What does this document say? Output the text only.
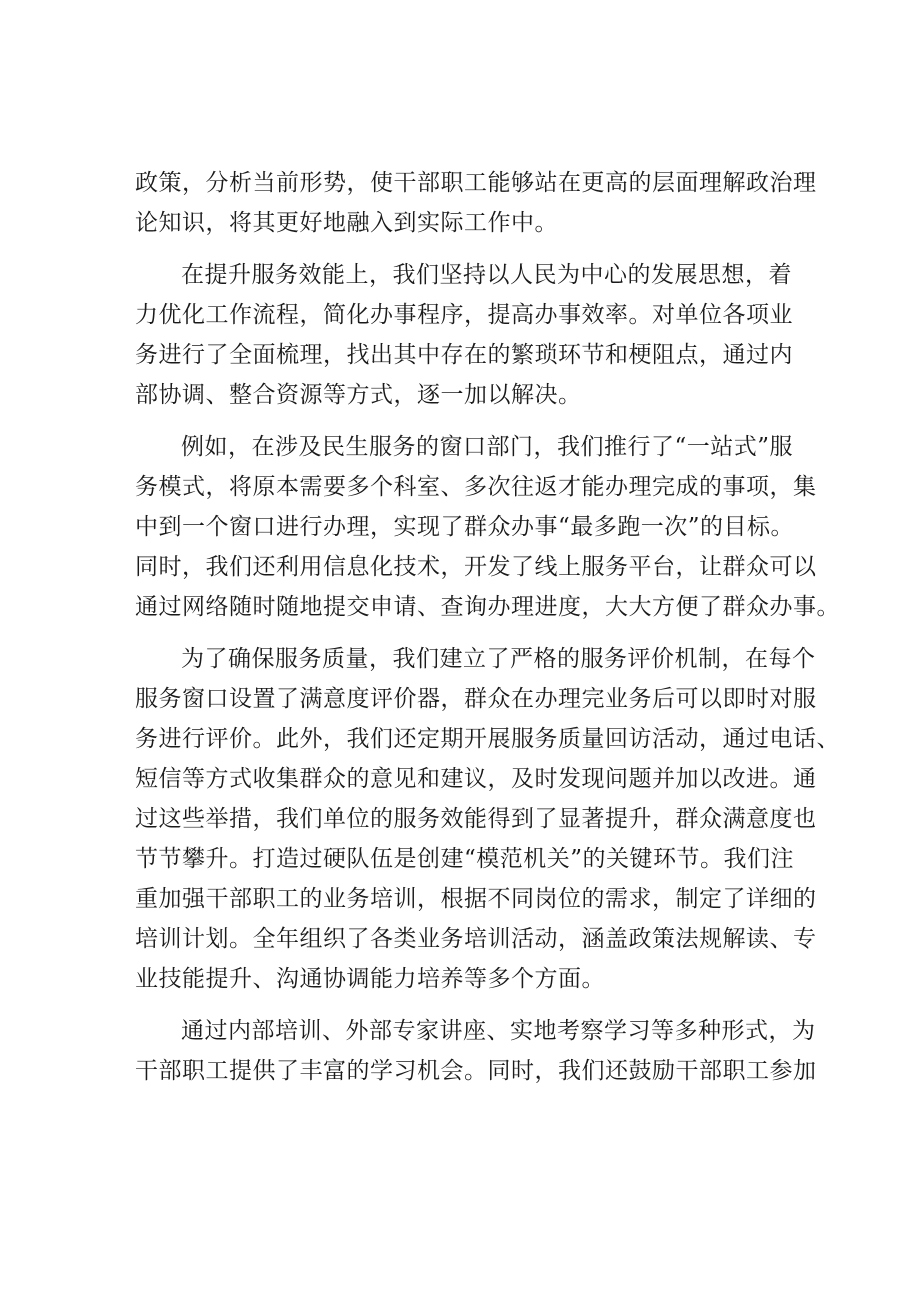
政策，分析当前形势，使干部职工能够站在更高的层面理解政治理
论知识，将其更好地融入到实际工作中。

在提升服务效能上，我们坚持以人民为中心的发展思想，着
力优化工作流程，简化办事程序，提高办事效率。对单位各项业
务进行了全面梳理，找出其中存在的繁琐环节和梗阻点，通过内
部协调、整合资源等方式，逐一加以解决。

例如，在涉及民生服务的窗口部门，我们推行了“一站式”服
务模式，将原本需要多个科室、多次往返才能办理完成的事项，集
中到一个窗口进行办理，实现了群众办事“最多跑一次”的目标。
同时，我们还利用信息化技术，开发了线上服务平台，让群众可以
通过网络随时随地提交申请、查询办理进度，大大方便了群众办事。

为了确保服务质量，我们建立了严格的服务评价机制，在每个
服务窗口设置了满意度评价器，群众在办理完业务后可以即时对服
务进行评价。此外，我们还定期开展服务质量回访活动，通过电话、
短信等方式收集群众的意见和建议，及时发现问题并加以改进。通
过这些举措，我们单位的服务效能得到了显著提升，群众满意度也
节节攀升。打造过硬队伍是创建“模范机关”的关键环节。我们注
重加强干部职工的业务培训，根据不同岗位的需求，制定了详细的
培训计划。全年组织了各类业务培训活动，涵盖政策法规解读、专
业技能提升、沟通协调能力培养等多个方面。

通过内部培训、外部专家讲座、实地考察学习等多种形式，为
干部职工提供了丰富的学习机会。同时，我们还鼓励干部职工参加
